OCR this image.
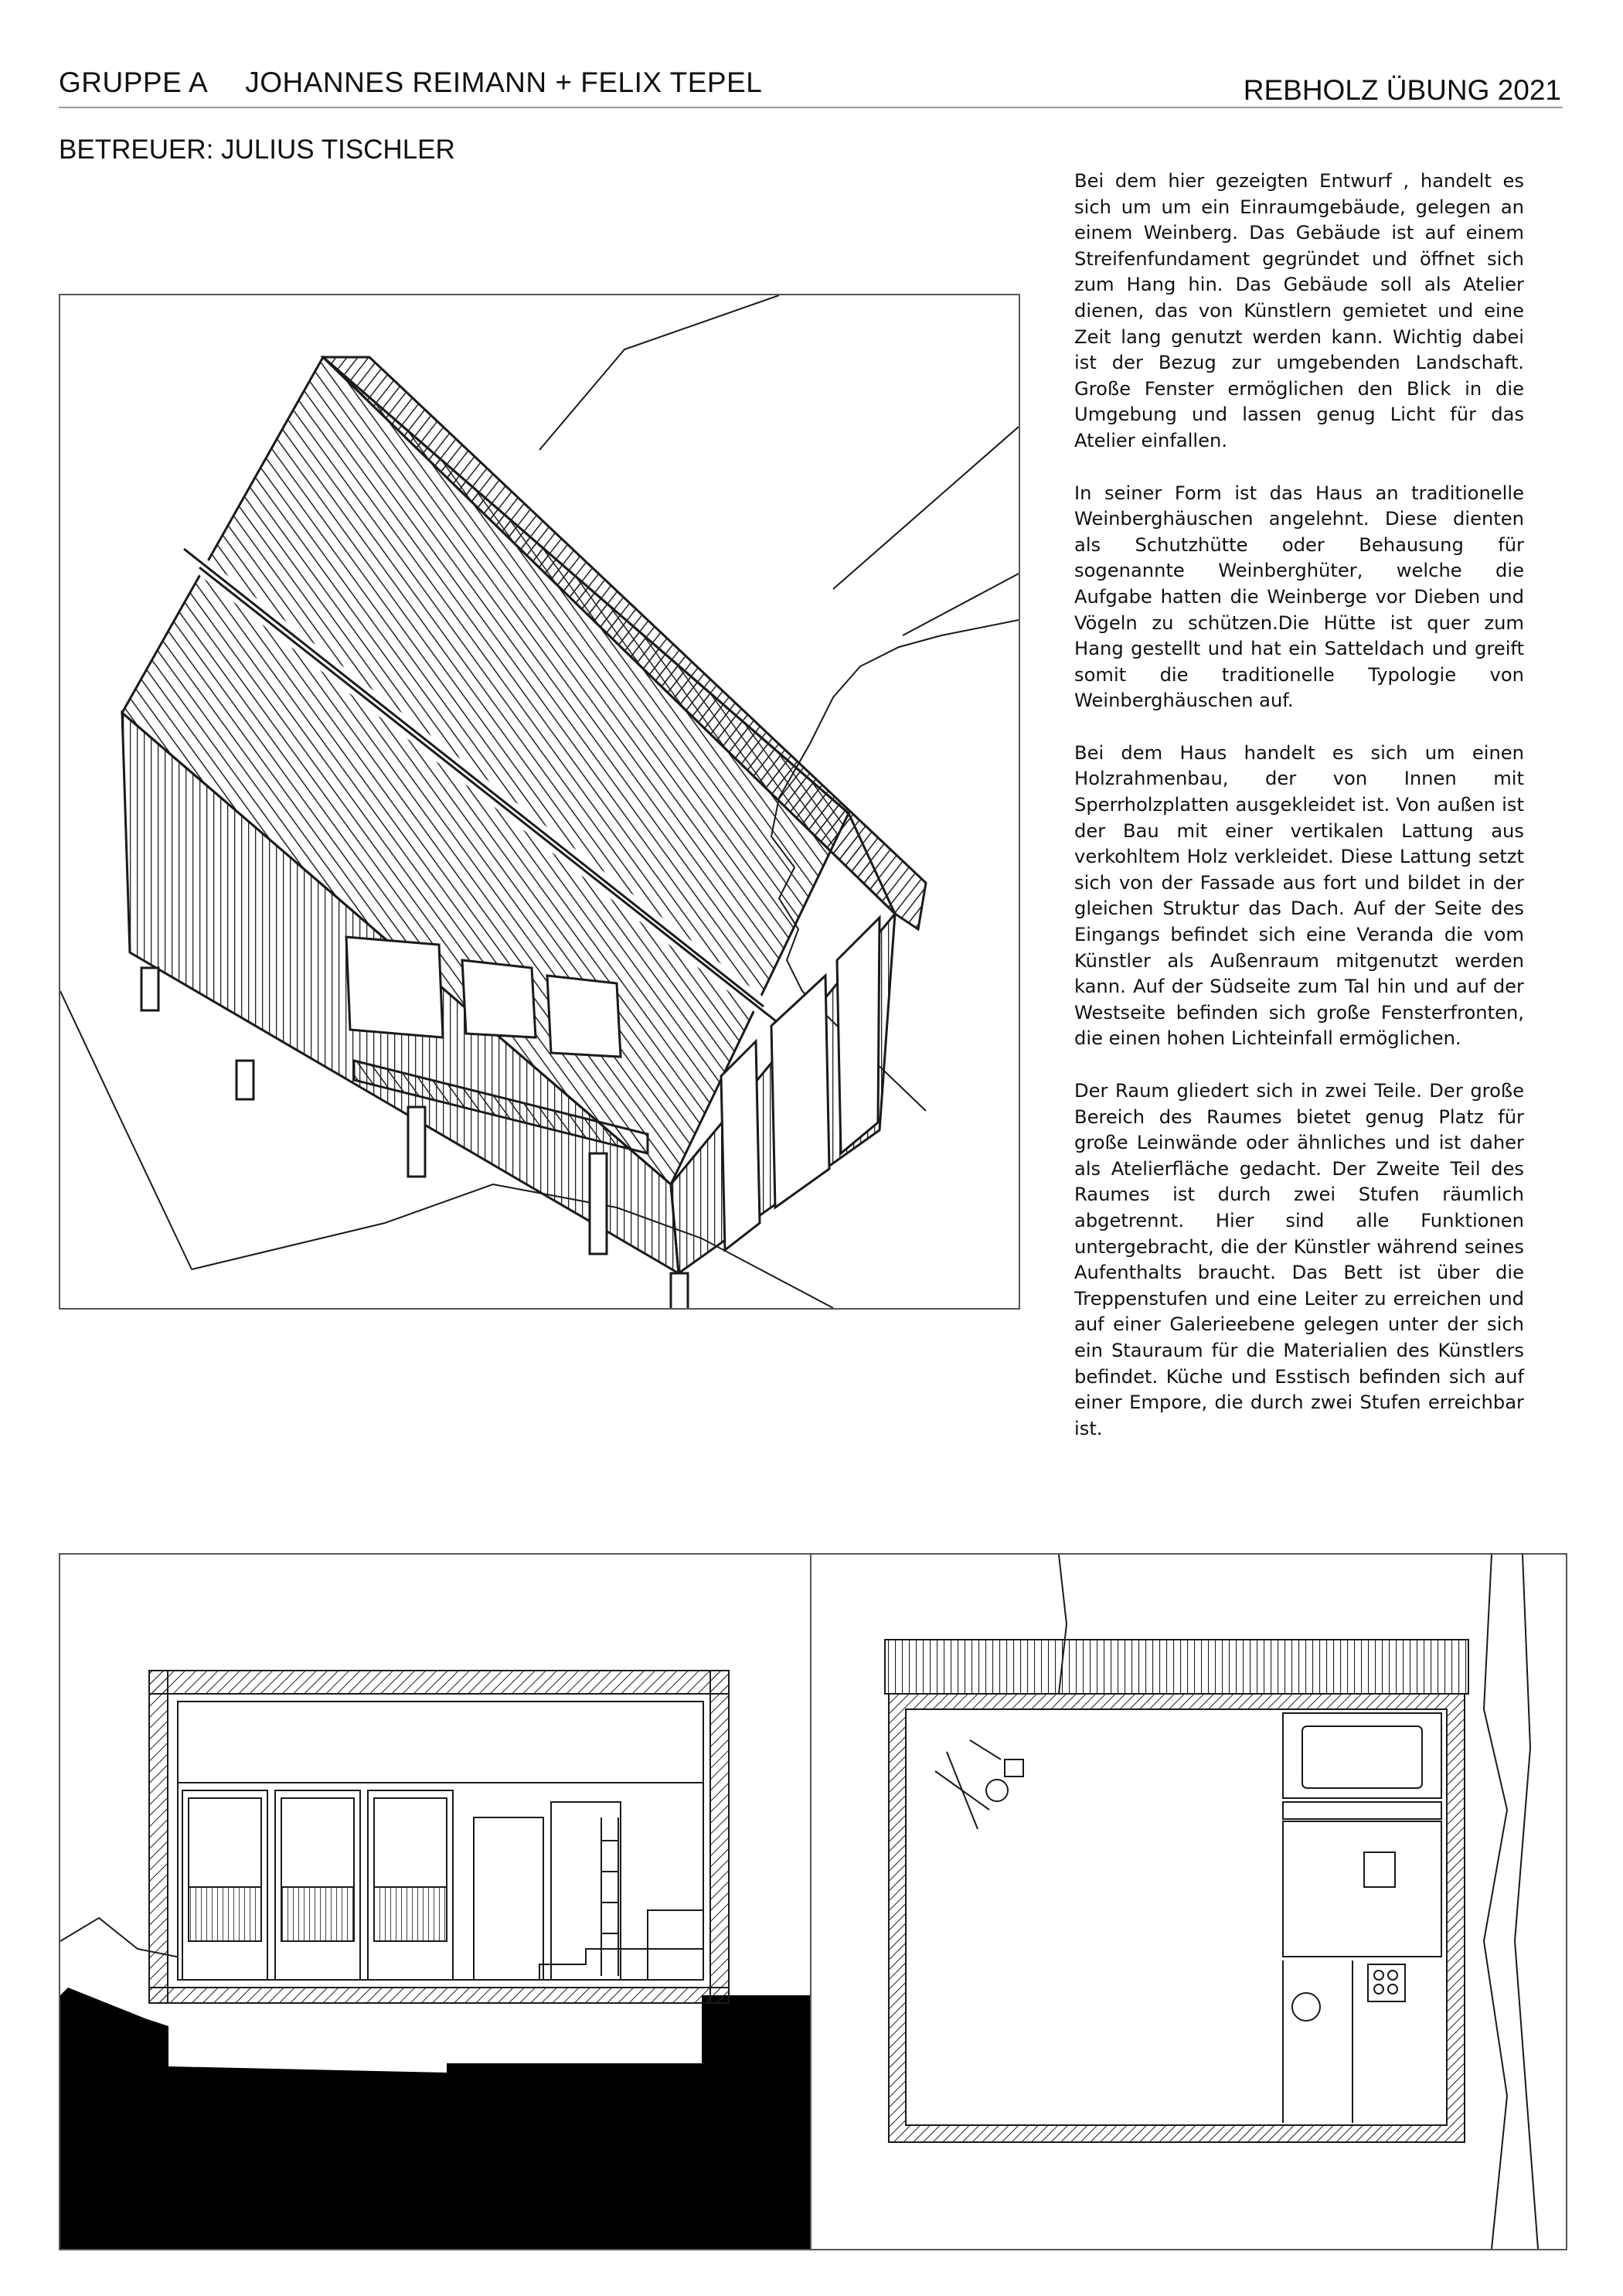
GRUPPE A JOHANNES REIMANN + FELIX TEPEL	REBHOLZ ÜBUNG 2021
BETREUER: JULIUS TISCHLER

Bei dem hier gezeigten Entwurf , handelt es sich um um ein Einraumgebäude, gelegen an einem Weinberg. Das Gebäude ist auf einem Streifenfundament gegründet und öffnet sich zum Hang hin. Das Gebäude soll als Atelier dienen, das von Künstlern gemietet und eine Zeit lang genutzt werden kann. Wichtig dabei ist der Bezug zur umgebenden Landschaft. Große Fenster ermöglichen den Blick in die Umgebung und lassen genug Licht für das Atelier einfallen.

In seiner Form ist das Haus an traditionelle Weinberghäuschen angelehnt. Diese dienten als Schutzhütte oder Behausung für sogenannte Weinberghüter, welche die Aufgabe hatten die Weinberge vor Dieben und Vögeln zu schützen.Die Hütte ist quer zum Hang gestellt und hat ein Satteldach und greift somit die traditionelle Typologie von Weinberghäuschen auf.

Bei dem Haus handelt es sich um einen Holzrahmenbau, der von Innen mit Sperrholzplatten ausgekleidet ist. Von außen ist der Bau mit einer vertikalen Lattung aus verkohltem Holz verkleidet. Diese Lattung setzt sich von der Fassade aus fort und bildet in der gleichen Struktur das Dach. Auf der Seite des Eingangs befindet sich eine Veranda die vom Künstler als Außenraum mitgenutzt werden kann. Auf der Südseite zum Tal hin und auf der Westseite befinden sich große Fensterfronten, die einen hohen Lichteinfall ermöglichen.

Der Raum gliedert sich in zwei Teile. Der große Bereich des Raumes bietet genug Platz für große Leinwände oder ähnliches und ist daher als Atelierfläche gedacht. Der Zweite Teil des Raumes ist durch zwei Stufen räumlich abgetrennt. Hier sind alle Funktionen untergebracht, die der Künstler während seines Aufenthalts braucht. Das Bett ist über die Treppenstufen und eine Leiter zu erreichen und auf einer Galerieebene gelegen unter der sich ein Stauraum für die Materialien des Künstlers befindet. Küche und Esstisch befinden sich auf einer Empore, die durch zwei Stufen erreichbar ist.
